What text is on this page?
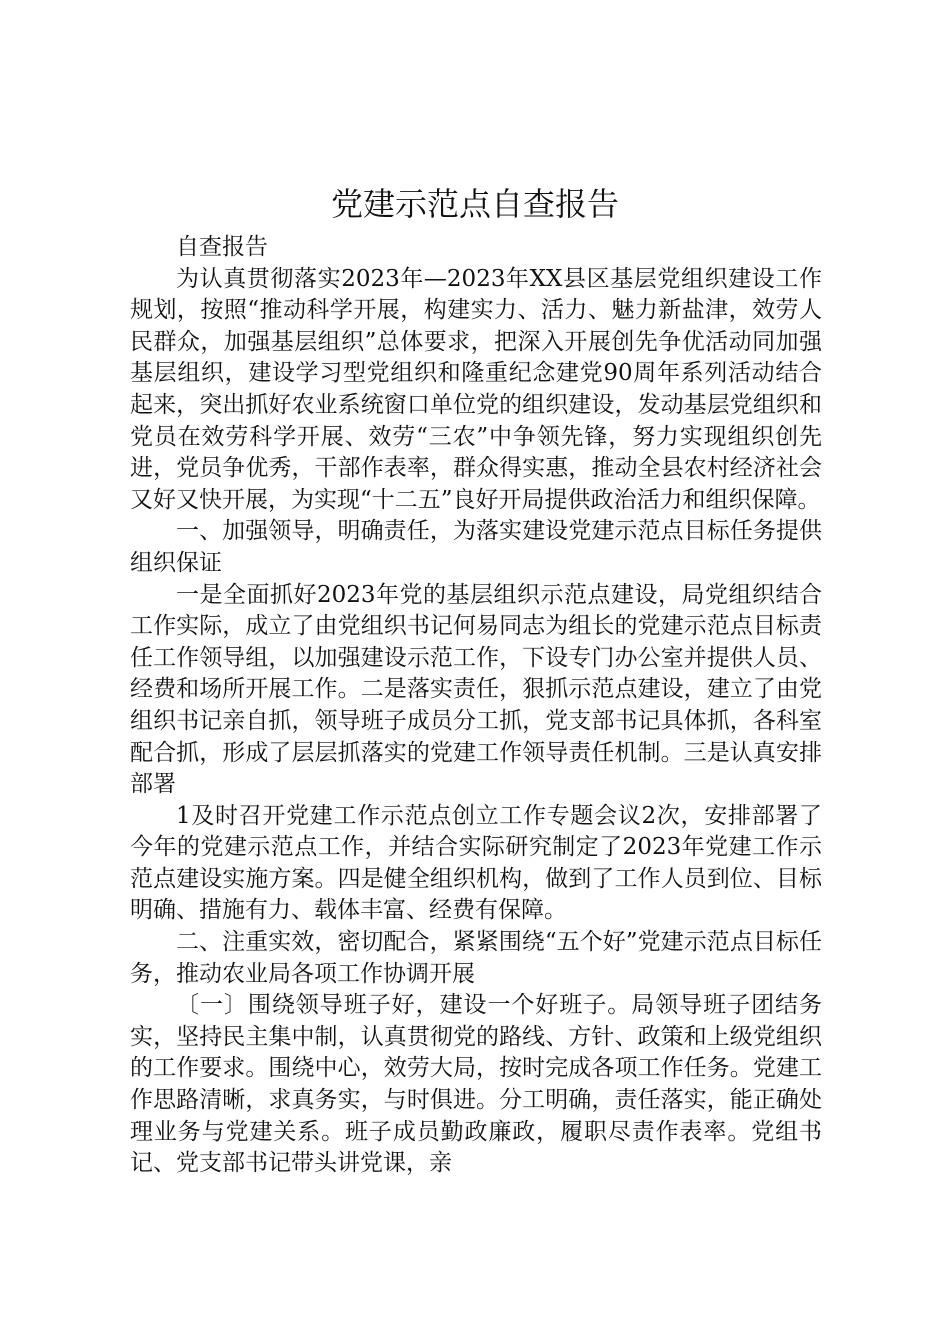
党建示范点自查报告

自查报告

为认真贯彻落实2023年—2023年XX县区基层党组织建设工作规划，按照“推动科学开展，构建实力、活力、魅力新盐津，效劳人民群众，加强基层组织”总体要求，把深入开展创先争优活动同加强基层组织，建设学习型党组织和隆重纪念建党90周年系列活动结合起来，突出抓好农业系统窗口单位党的组织建设，发动基层党组织和党员在效劳科学开展、效劳“三农”中争领先锋，努力实现组织创先进，党员争优秀，干部作表率，群众得实惠，推动全县农村经济社会又好又快开展，为实现“十二五”良好开局提供政治活力和组织保障。

一、加强领导，明确责任，为落实建设党建示范点目标任务提供组织保证

一是全面抓好2023年党的基层组织示范点建设，局党组织结合工作实际，成立了由党组织书记何易同志为组长的党建示范点目标责任工作领导组，以加强建设示范工作，下设专门办公室并提供人员、经费和场所开展工作。二是落实责任，狠抓示范点建设，建立了由党组织书记亲自抓，领导班子成员分工抓，党支部书记具体抓，各科室配合抓，形成了层层抓落实的党建工作领导责任机制。三是认真安排部署

1及时召开党建工作示范点创立工作专题会议2次，安排部署了今年的党建示范点工作，并结合实际研究制定了2023年党建工作示范点建设实施方案。四是健全组织机构，做到了工作人员到位、目标明确、措施有力、载体丰富、经费有保障。

二、注重实效，密切配合，紧紧围绕“五个好”党建示范点目标任务，推动农业局各项工作协调开展

〔一〕围绕领导班子好，建设一个好班子。局领导班子团结务实，坚持民主集中制，认真贯彻党的路线、方针、政策和上级党组织的工作要求。围绕中心，效劳大局，按时完成各项工作任务。党建工作思路清晰，求真务实，与时俱进。分工明确，责任落实，能正确处理业务与党建关系。班子成员勤政廉政，履职尽责作表率。党组书记、党支部书记带头讲党课，亲
